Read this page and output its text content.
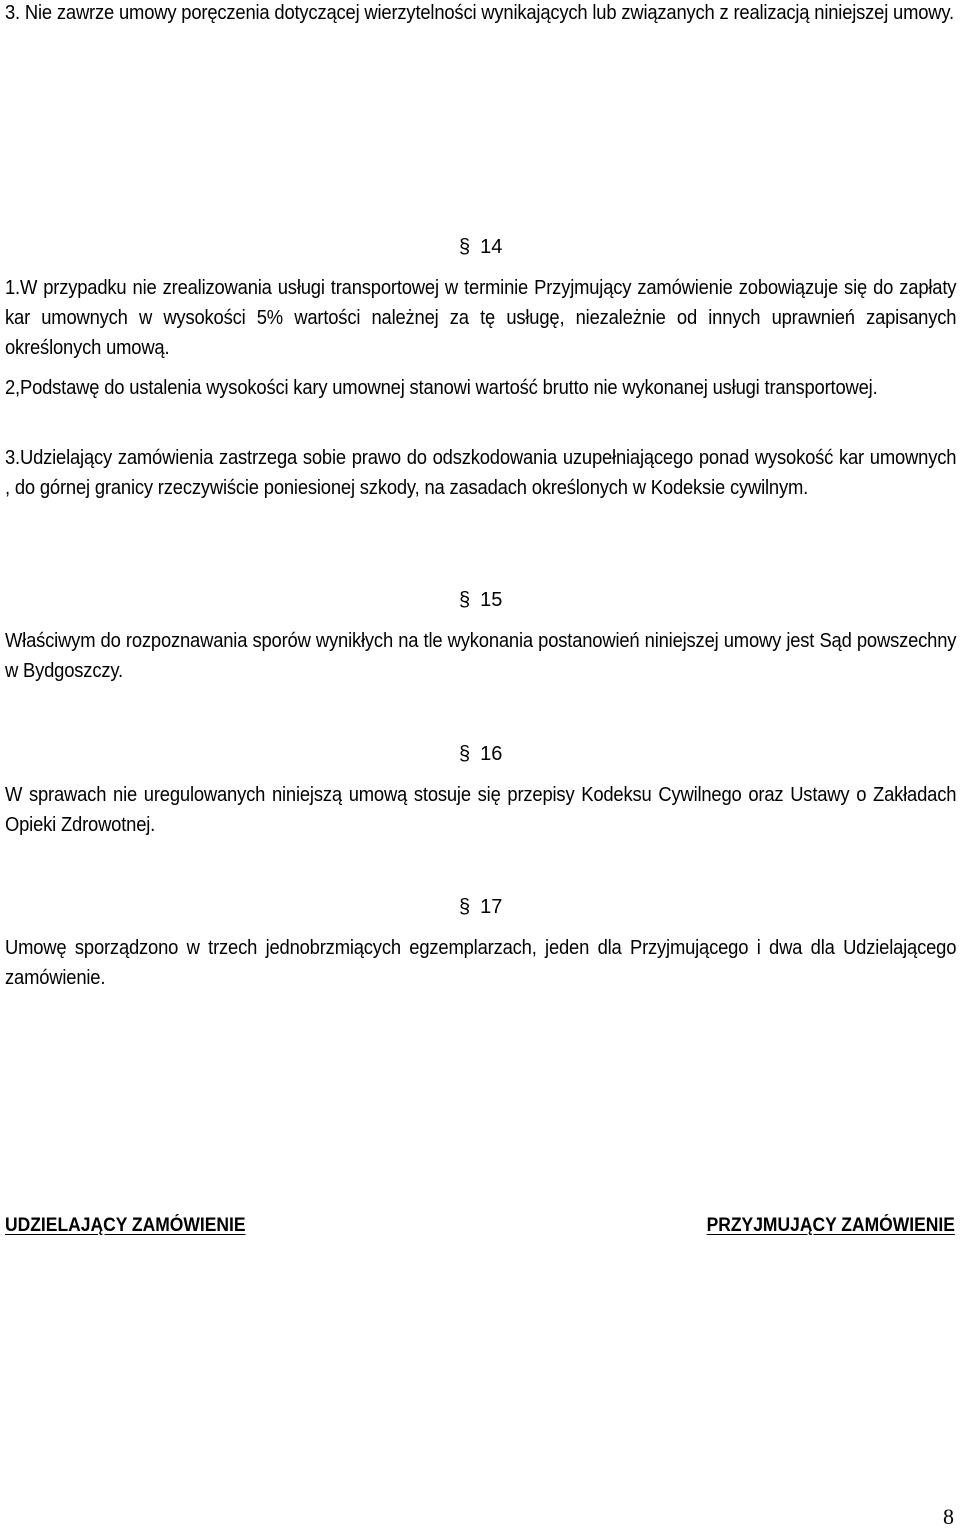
3. Nie zawrze umowy poręczenia dotyczącej wierzytelności wynikających lub związanych z realizacją niniejszej umowy.

§ 14

1.W przypadku nie zrealizowania usługi transportowej w terminie Przyjmujący zamówienie zobowiązuje się do zapłaty kar umownych w wysokości 5% wartości należnej za tę usługę, niezależnie od innych uprawnień zapisanych określonych umową.

2,Podstawę do ustalenia wysokości kary umownej stanowi wartość brutto nie wykonanej usługi transportowej.

3.Udzielający zamówienia zastrzega sobie prawo do odszkodowania uzupełniającego ponad wysokość kar umownych , do górnej granicy rzeczywiście poniesionej szkody, na zasadach określonych w Kodeksie cywilnym.

§ 15

Właściwym do rozpoznawania sporów wynikłych na tle wykonania postanowień niniejszej umowy jest Sąd powszechny w Bydgoszczy.

§ 16

W sprawach nie uregulowanych niniejszą umową stosuje się przepisy Kodeksu Cywilnego oraz Ustawy o Zakładach Opieki Zdrowotnej.

§ 17

Umowę sporządzono w trzech jednobrzmiących egzemplarzach, jeden dla Przyjmującego i dwa dla Udzielającego zamówienie.

UDZIELAJĄCY ZAMÓWIENIE	PRZYJMUJĄCY ZAMÓWIENIE

8
